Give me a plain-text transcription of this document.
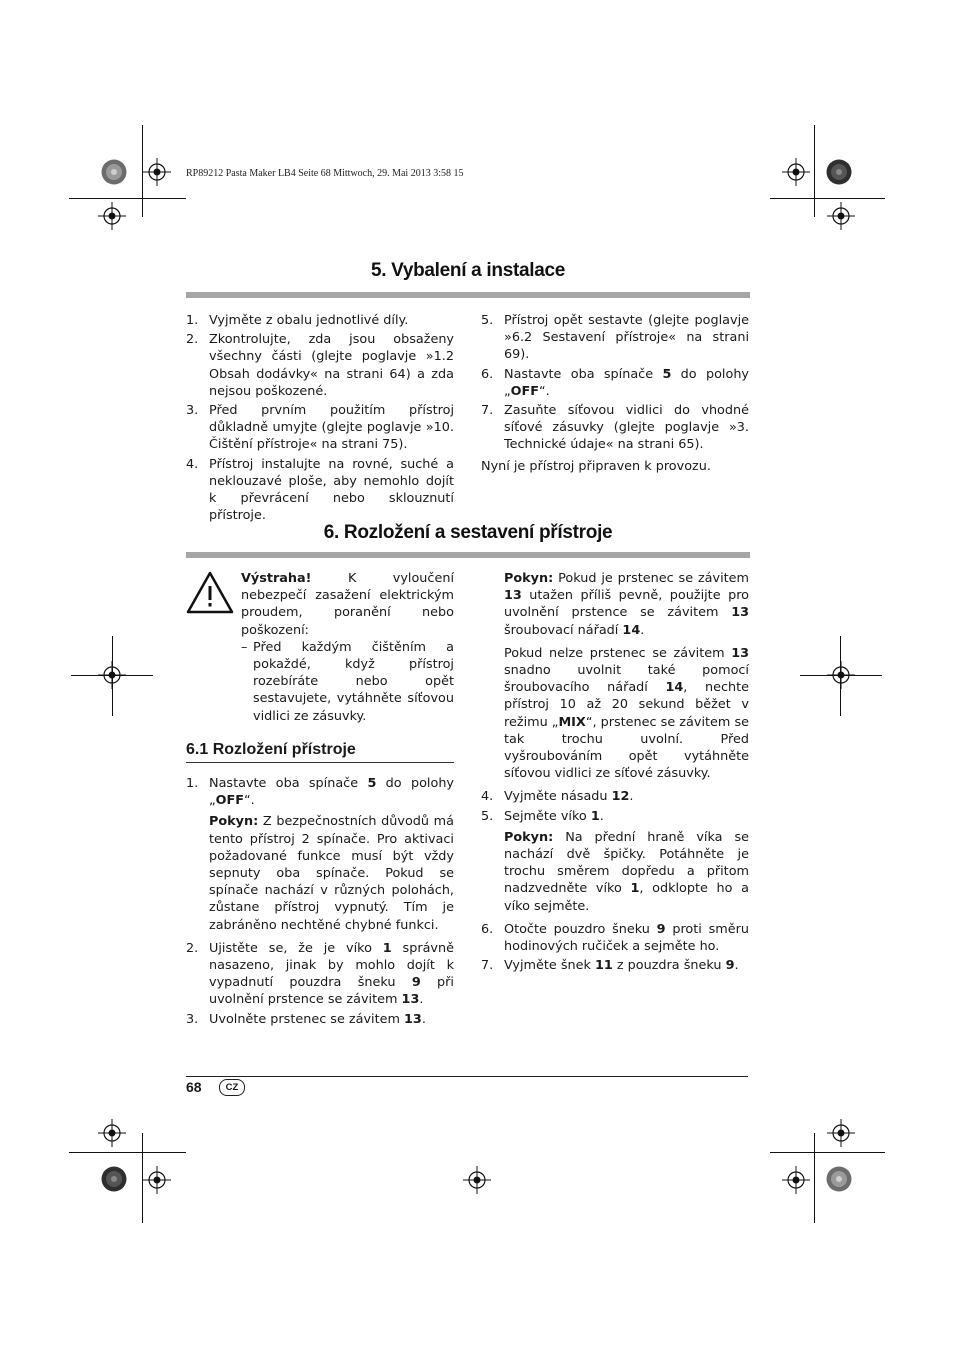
RP89212 Pasta Maker LB4 Seite 68 Mittwoch, 29. Mai 2013 3:58 15
5. Vybalení a instalace
1. Vyjměte z obalu jednotlivé díly.
2. Zkontrolujte, zda jsou obsaženy všechny části (glejte poglavje »1.2 Obsah dodávky« na strani 64) a zda nejsou poškozené.
3. Před prvním použitím přístroj důkladně umyjte (glejte poglavje »10. Čištění přístroje« na strani 75).
4. Přístroj instalujte na rovné, suché a neklouzavé ploše, aby nemohlo dojít k převrácení nebo sklouznutí přístroje.
5. Přístroj opět sestavte (glejte poglavje »6.2 Sestavení přístroje« na strani 69).
6. Nastavte oba spínače 5 do polohy „OFF“.
7. Zasuňte síťovou vidlici do vhodné síťové zásuvky (glejte poglavje »3. Technické údaje« na strani 65).
Nyní je přístroj připraven k provozu.
6. Rozložení a sestavení přístroje
Výstraha! K vyloučení nebezpečí zasažení elektrickým proudem, poranění nebo poškození:
– Před každým čištěním a pokaždé, když přístroj rozebíráte nebo opět sestavujete, vytáhněte síťovou vidlici ze zásuvky.
6.1 Rozložení přístroje
1. Nastavte oba spínače 5 do polohy „OFF“.
Pokyn: Z bezpečnostních důvodů má tento přístroj 2 spínače. Pro aktivaci požadované funkce musí být vždy sepnuty oba spínače. Pokud se spínače nachází v různých polohách, zůstane přístroj vypnutý. Tím je zabráněno nechtěné chybné funkci.
2. Ujistěte se, že je víko 1 správně nasazeno, jinak by mohlo dojít k vypadnutí pouzdra šneku 9 při uvolnění prstence se závitem 13.
3. Uvolněte prstenec se závitem 13.
Pokyn: Pokud je prstenec se závitem 13 utažen příliš pevně, použijte pro uvolnění prstence se závitem 13 šroubovací nářadí 14.
Pokud nelze prstenec se závitem 13 snadno uvolnit také pomocí šroubovacího nářadí 14, nechte přístroj 10 až 20 sekund běžet v režimu „MIX“, prstenec se závitem se tak trochu uvolní. Před vyšroubováním opět vytáhněte síťovou vidlici ze síťové zásuvky.
4. Vyjměte násadu 12.
5. Sejměte víko 1.
Pokyn: Na přední hraně víka se nachází dvě špičky. Potáhněte je trochu směrem dopředu a přitom nadzvedněte víko 1, odklopte ho a víko sejměte.
6. Otočte pouzdro šneku 9 proti směru hodinových ručiček a sejměte ho.
7. Vyjměte šnek 11 z pouzdra šneku 9.
68	CZ
